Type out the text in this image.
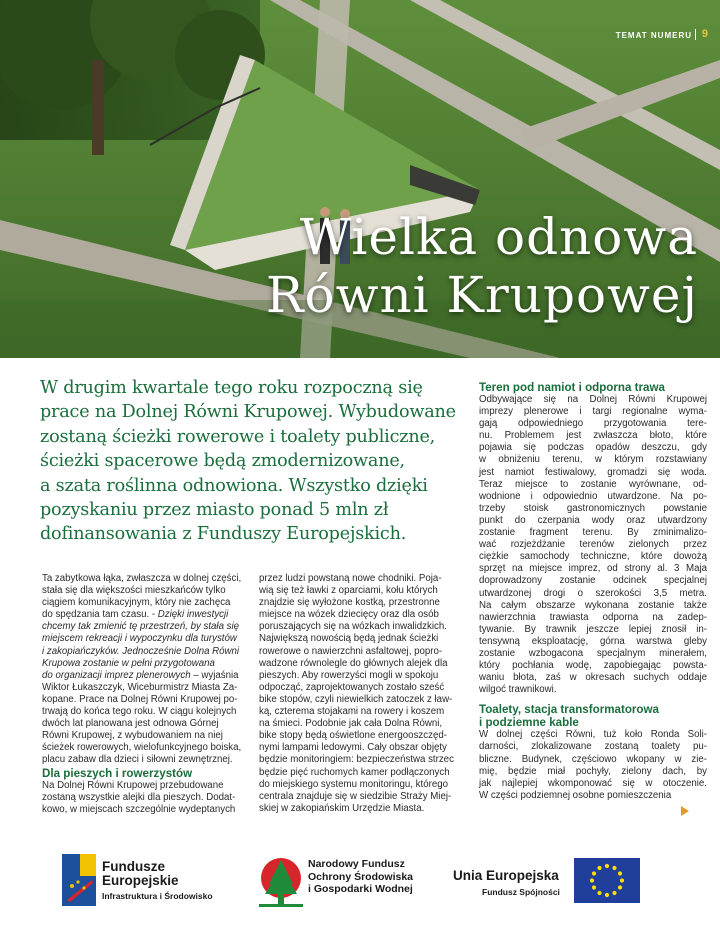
TEMAT NUMERU 9
Wielka odnowa
Równi Krupowej

W drugim kwartale tego roku rozpoczną się

prace na Dolnej Równi Krupowej. Wybudowane

zostaną ścieżki rowerowe i toalety publiczne,

ścieżki spacerowe będą zmodernizowane,

a szata roślinna odnowiona. Wszystko dzięki

pozyskaniu przez miasto ponad 5 mln zł

dofinansowania z Funduszy Europejskich.

Ta zabytkowa łąka, zwłaszcza w dolnej części,

stała się dla większości mieszkańców tylko

ciągiem komunikacyjnym, który nie zachęca

do spędzania tam czasu. - Dzięki inwestycji

chcemy tak zmienić tę przestrzeń, by stała się

miejscem rekreacji i wypoczynku dla turystów

i zakopiańczyków. Jednocześnie Dolna Równi

Krupowa zostanie w pełni przygotowana

do organizacji imprez plenerowych – wyjaśnia

Wiktor Łukaszczyk, Wiceburmistrz Miasta Za-

kopane. Prace na Dolnej Równi Krupowej po-

trwają do końca tego roku. W ciągu kolejnych

dwóch lat planowana jest odnowa Górnej

Równi Krupowej, z wybudowaniem na niej

ścieżek rowerowych, wielofunkcyjnego boiska,

placu zabaw dla dzieci i siłowni zewnętrznej.

Dla pieszych i rowerzystów

Na Dolnej Równi Krupowej przebudowane

zostaną wszystkie alejki dla pieszych. Dodat-

kowo, w miejscach szczególnie wydeptanych

przez ludzi powstaną nowe chodniki. Poja-

wią się też ławki z oparciami, kołu których

znajdzie się wyłożone kostką, przestronne

miejsce na wózek dziecięcy oraz dla osób

poruszających się na wózkach inwalidzkich.

Największą nowością będą jednak ścieżki

rowerowe o nawierzchni asfaltowej, popro-

wadzone równolegle do głównych alejek dla

pieszych. Aby rowerzyści mogli w spokoju

odpocząć, zaprojektowanych zostało sześć

bike stopów, czyli niewielkich zatoczek z ław-

ką, czterema stojakami na rowery i koszem

na śmieci. Podobnie jak cała Dolna Równi,

bike stopy będą oświetlone energooszczęd-

nymi lampami ledowymi. Cały obszar objęty

będzie monitoringiem: bezpieczeństwa strzec

będzie pięć ruchomych kamer podłączonych

do miejskiego systemu monitoringu, którego

centrala znajduje się w siedzibie Straży Miej-

skiej w zakopiańskim Urzędzie Miasta.

Teren pod namiot i odporna trawa

Odbywające się na Dolnej Równi Krupowej

imprezy plenerowe i targi regionalne wyma-

gają odpowiedniego przygotowania tere-

nu. Problemem jest zwłaszcza błoto, które

pojawia się podczas opadów deszczu, gdy

w obniżeniu terenu, w którym rozstawiany

jest namiot festiwalowy, gromadzi się woda.

Teraz miejsce to zostanie wyrównane, od-

wodnione i odpowiednio utwardzone. Na po-

trzeby stoisk gastronomicznych powstanie

punkt do czerpania wody oraz utwardzony

zostanie fragment terenu. By zminimalizo-

wać rozjeżdżanie terenów zielonych przez

ciężkie samochody techniczne, które dowożą

sprzęt na miejsce imprez, od strony al. 3 Maja

doprowadzony zostanie odcinek specjalnej

utwardzonej drogi o szerokości 3,5 metra.

Na całym obszarze wykonana zostanie także

nawierzchnia trawiasta odporna na zadep-

tywanie. By trawnik jeszcze lepiej znosił in-

tensywną eksploatację, górna warstwa gleby

zostanie wzbogacona specjalnym minerałem,

który pochłania wodę, zapobiegając powsta-

waniu błota, zaś w okresach suchych oddaje

wilgoć trawnikowi.

Toalety, stacja transformatorowa
i podziemne kable

W dolnej części Równi, tuż koło Ronda Soli-

darności, zlokalizowane zostaną toalety pu-

bliczne. Budynek, częściowo wkopany w zie-

mię, będzie miał pochyły, zielony dach, by

jak najlepiej wkomponować się w otoczenie.

W części podziemnej osobne pomieszczenia

Fundusze
Europejskie
Infrastruktura i Środowisko
Narodowy Fundusz
Ochrony Środowiska
i Gospodarki Wodnej
Unia Europejska
Fundusz Spójności
